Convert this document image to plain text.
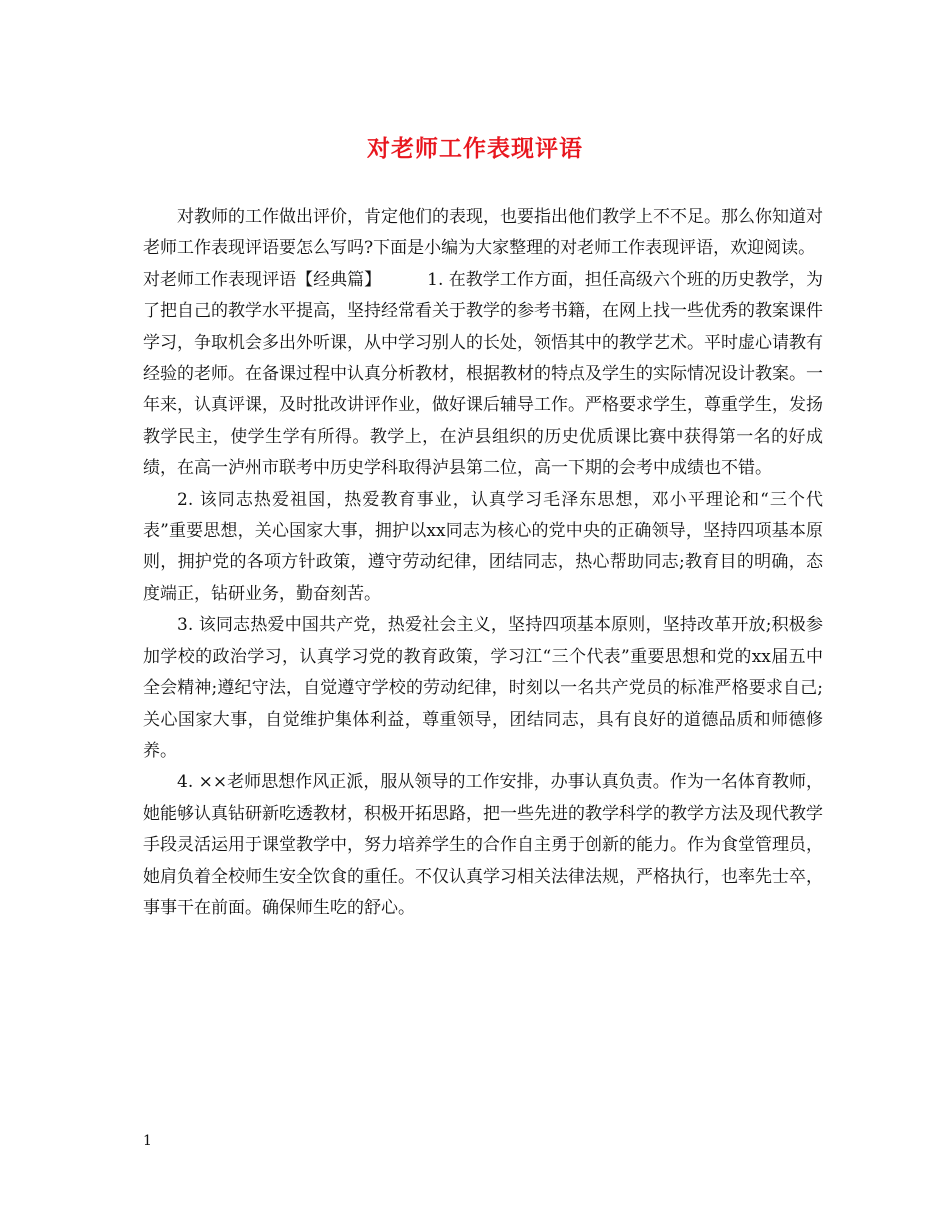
对老师工作表现评语

对教师的工作做出评价，肯定他们的表现，也要指出他们教学上不不足。那么你知道对老师工作表现评语要怎么写吗?下面是小编为大家整理的对老师工作表现评语，欢迎阅读。

对老师工作表现评语【经典篇】	1. 在教学工作方面，担任高级六个班的历史教学，为了把自己的教学水平提高，坚持经常看关于教学的参考书籍，在网上找一些优秀的教案课件学习，争取机会多出外听课，从中学习别人的长处，领悟其中的教学艺术。平时虚心请教有经验的老师。在备课过程中认真分析教材，根据教材的特点及学生的实际情况设计教案。一年来，认真评课，及时批改讲评作业，做好课后辅导工作。严格要求学生，尊重学生，发扬教学民主，使学生学有所得。教学上，在泸县组织的历史优质课比赛中获得第一名的好成绩，在高一泸州市联考中历史学科取得泸县第二位，高一下期的会考中成绩也不错。

2. 该同志热爱祖国，热爱教育事业，认真学习毛泽东思想，邓小平理论和“三个代表”重要思想，关心国家大事，拥护以xx同志为核心的党中央的正确领导，坚持四项基本原则，拥护党的各项方针政策，遵守劳动纪律，团结同志，热心帮助同志;教育目的明确，态度端正，钻研业务，勤奋刻苦。

3. 该同志热爱中国共产党，热爱社会主义，坚持四项基本原则，坚持改革开放;积极参加学校的政治学习，认真学习党的教育政策，学习江“三个代表”重要思想和党的xx届五中全会精神;遵纪守法，自觉遵守学校的劳动纪律，时刻以一名共产党员的标准严格要求自己;关心国家大事，自觉维护集体利益，尊重领导，团结同志，具有良好的道德品质和师德修养。

4. ××老师思想作风正派，服从领导的工作安排，办事认真负责。作为一名体育教师，她能够认真钻研新吃透教材，积极开拓思路，把一些先进的教学科学的教学方法及现代教学手段灵活运用于课堂教学中，努力培养学生的合作自主勇于创新的能力。作为食堂管理员，她肩负着全校师生安全饮食的重任。不仅认真学习相关法律法规，严格执行，也率先士卒，事事干在前面。确保师生吃的舒心。

1
